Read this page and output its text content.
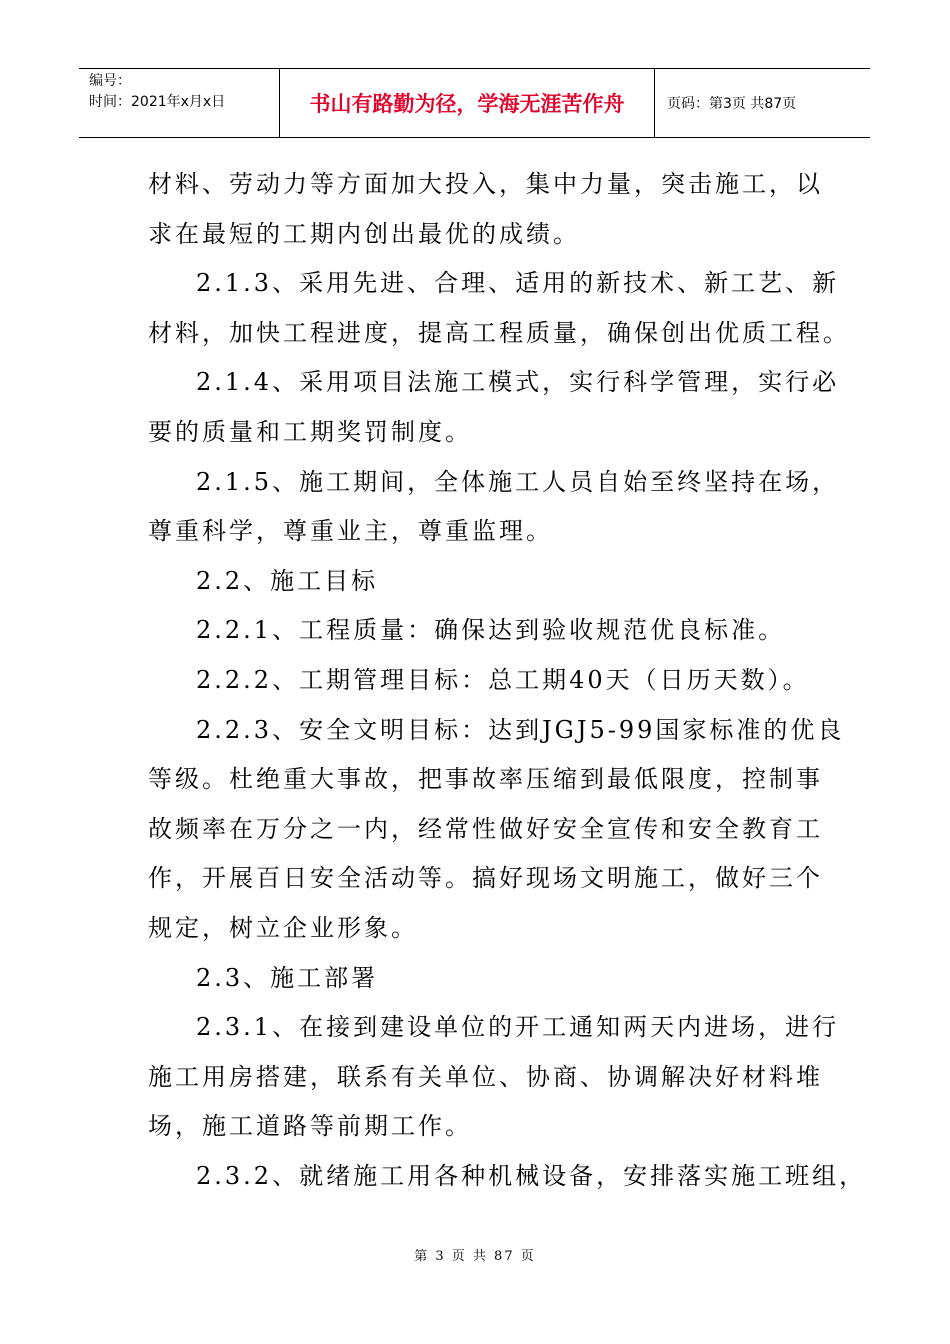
编号：
时间：2021年x月x日	书山有路勤为径，学海无涯苦作舟	页码：第3页 共87页
材料、劳动力等方面加大投入，集中力量，突击施工，以
求在最短的工期内创出最优的成绩。
2.1.3、采用先进、合理、适用的新技术、新工艺、新
材料，加快工程进度，提高工程质量，确保创出优质工程。
2.1.4、采用项目法施工模式，实行科学管理，实行必
要的质量和工期奖罚制度。
2.1.5、施工期间，全体施工人员自始至终坚持在场，
尊重科学，尊重业主，尊重监理。
2.2、施工目标
2.2.1、工程质量：确保达到验收规范优良标准。
2.2.2、工期管理目标：总工期40天（日历天数）。
2.2.3、安全文明目标：达到JGJ5-99国家标准的优良
等级。杜绝重大事故，把事故率压缩到最低限度，控制事
故频率在万分之一内，经常性做好安全宣传和安全教育工
作，开展百日安全活动等。搞好现场文明施工，做好三个
规定，树立企业形象。
2.3、施工部署
2.3.1、在接到建设单位的开工通知两天内进场，进行
施工用房搭建，联系有关单位、协商、协调解决好材料堆
场，施工道路等前期工作。
2.3.2、就绪施工用各种机械设备，安排落实施工班组，
第 3 页 共 87 页
